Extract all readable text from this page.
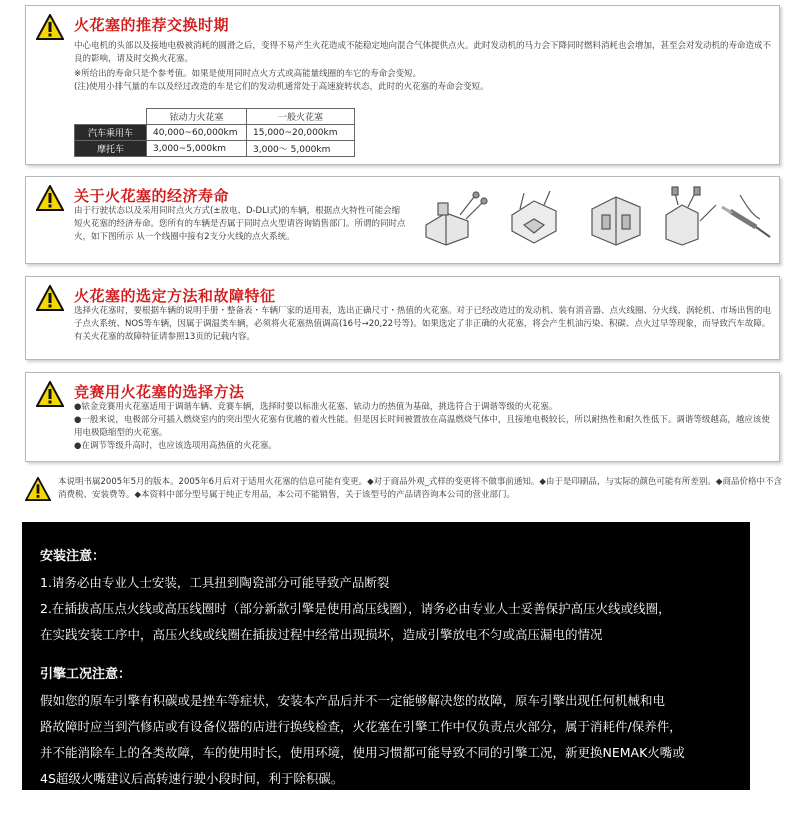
火花塞的推荐交换时期

中心电机的头部以及接地电极被消耗的圆滑之后，变得不易产生火花造成不能稳定地向混合气体提供点火。此时发动机的马力会下降同时燃料消耗也会增加，甚至会对发动机的寿命造成不良的影响，请及时交换火花塞。

※所给出的寿命只是个参考值。如果是使用同时点火方式或高能量线圈的车它的寿命会变短。

(注)使用小排气量的车以及经过改造的车是它们的发动机通常处于高速旋转状态，此时的火花塞的寿命会变短。

	铱动力火花塞	一般火花塞
汽车乘用车	40,000~60,000km	15,000~20,000km
摩托车	3,000~5,000km	3,000～ 5,000km
关于火花塞的经济寿命

由于行驶状态以及采用同时点火方式(±放电、D-DLI式)的车辆，根据点火特性可能会缩短火花塞的经济寿命。您所有的车辆是否属于同时点火型请咨询销售部门。所谓的同时点火，如下图所示 从一个线圈中接有2支分火线的点火系统。

火花塞的选定方法和故障特征

选择火花塞时，要根据车辆的说明手册・整备表・车辆厂家的适用表，选出正确尺寸・热值的火花塞。对于已经改造过的发动机、装有消音器、点火线圈、分火线、涡轮机、市场出售的电子点火系统、NOS等车辆，因属于调温类车辆，必须将火花塞热值调高(16号→20,22号等)。如果选定了非正确的火花塞，将会产生机油污染、积碳、点火过早等现象，而导致汽车故障。有关火花塞的故障特征请参照13页的记载内容。

竞赛用火花塞的选择方法

●铱金竞赛用火花塞适用于调谐车辆、竞赛车辆，选择时要以标准火花塞、铱动力的热值为基础，挑选符合于调谐等级的火花塞。

●一般来说，电极部分可插入燃烧室内的突出型火花塞有优越的着火性能。但是因长时间被置放在高温燃烧气体中，且接地电极较长，所以耐热性和耐久性低下。调谐等级越高，越应该使用电极隐缩型的火花塞。

●在调节等级升高时，也应该选项用高热值的火花塞。

本说明书属2005年5月的版本。2005年6月后对于适用火花塞的信息可能有变更。◆对于商品外观_式样的变更将不做事前通知。◆由于是印刷品，与实际的颜色可能有所差别。◆商品价格中不含消费税、安装费等。◆本资料中部分型号属于纯正专用品，本公司不能销售，关于该型号的产品请咨询本公司的营业部门。
安装注意：
1.请务必由专业人士安装，工具扭到陶瓷部分可能导致产品断裂
2.在插拔高压点火线或高压线圈时（部分新款引擎是使用高压线圈），请务必由专业人士妥善保护高压火线或线圈，
在实践安装工序中，高压火线或线圈在插拔过程中经常出现损坏，造成引擎放电不匀或高压漏电的情况
引擎工况注意：
假如您的原车引擎有积碳或是挫车等症状，安装本产品后并不一定能够解决您的故障，原车引擎出现任何机械和电
路故障时应当到汽修店或有设备仪器的店进行换线检查，火花塞在引擎工作中仅负责点火部分，属于消耗件/保养件，
并不能消除车上的各类故障，车的使用时长，使用环境，使用习惯都可能导致不同的引擎工况，新更换NEMAK火嘴或
4S超级火嘴建议后高转速行驶小段时间，利于除积碳。
